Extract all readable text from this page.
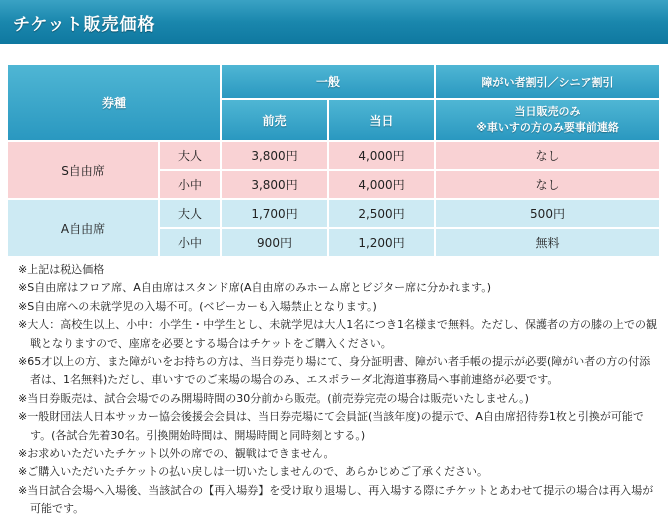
チケット販売価格
券種		一般		障がい者割引／シニア割引
		前売	当日	当日販売のみ
※車いすの方のみ要事前連絡

S自由席	大人	3,800円	4,000円	なし
	小中	3,800円	4,000円	なし
A自由席	大人	1,700円	2,500円	500円
	小中	900円	1,200円	無料
※上記は税込価格
※S自由席はフロア席、A自由席はスタンド席(A自由席のみホーム席とビジター席に分かれます。)
※S自由席への未就学児の入場不可。(ベビーカーも入場禁止となります。)
※大人：高校生以上、小中：小学生・中学生とし、未就学児は大人1名につき1名様まで無料。ただし、保護者の方の膝の上での観戦となりますので、座席を必要とする場合はチケットをご購入ください。
※65才以上の方、また障がいをお持ちの方は、当日券売り場にて、身分証明書、障がい者手帳の提示が必要(障がい者の方の付添者は、1名無料)ただし、車いすでのご来場の場合のみ、エスポラーダ北海道事務局へ事前連絡が必要です。
※当日券販売は、試合会場でのみ開場時間の30分前から販売。(前売券完売の場合は販売いたしません。)
※一般財団法人日本サッカー協会後援会会員は、当日券売場にて会員証(当該年度)の提示で、A自由席招待券1枚と引換が可能です。(各試合先着30名。引換開始時間は、開場時間と同時刻とする。)
※お求めいただいたチケット以外の席での、観戦はできません。
※ご購入いただいたチケットの払い戻しは一切いたしませんので、あらかじめご了承ください。
※当日試合会場へ入場後、当該試合の【再入場券】を受け取り退場し、再入場する際にチケットとあわせて提示の場合は再入場が可能です。
